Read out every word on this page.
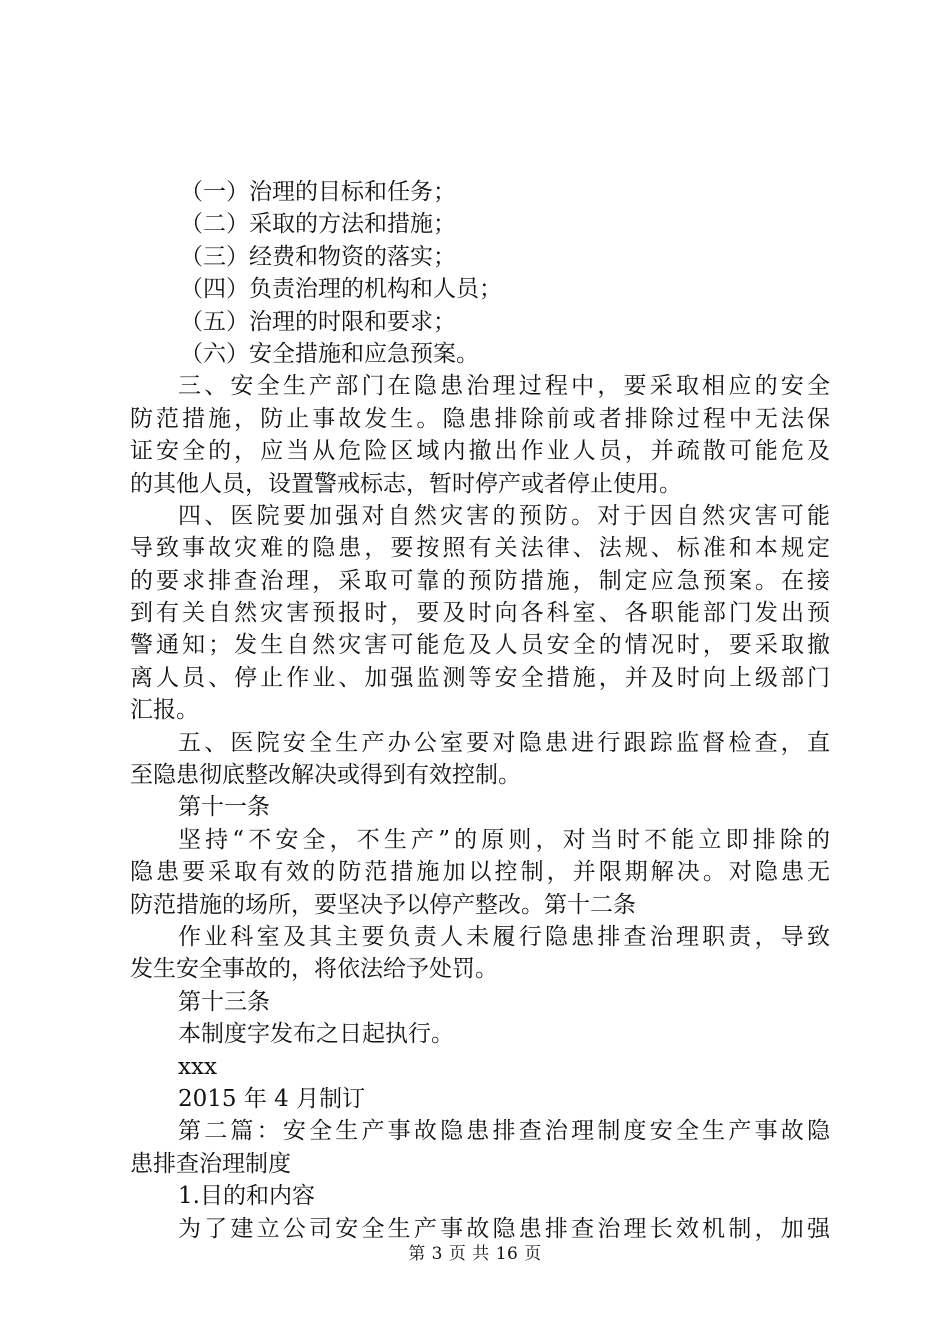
（一）治理的目标和任务；
（二）采取的方法和措施；
（三）经费和物资的落实；
（四）负责治理的机构和人员；
（五）治理的时限和要求；
（六）安全措施和应急预案。
三、安全生产部门在隐患治理过程中，要采取相应的安全
防范措施，防止事故发生。隐患排除前或者排除过程中无法保
证安全的，应当从危险区域内撤出作业人员，并疏散可能危及
的其他人员，设置警戒标志，暂时停产或者停止使用。
四、医院要加强对自然灾害的预防。对于因自然灾害可能
导致事故灾难的隐患，要按照有关法律、法规、标准和本规定
的要求排查治理，采取可靠的预防措施，制定应急预案。在接
到有关自然灾害预报时，要及时向各科室、各职能部门发出预
警通知；发生自然灾害可能危及人员安全的情况时，要采取撤
离人员、停止作业、加强监测等安全措施，并及时向上级部门
汇报。
五、医院安全生产办公室要对隐患进行跟踪监督检查，直
至隐患彻底整改解决或得到有效控制。
第十一条
坚持“不安全，不生产”的原则，对当时不能立即排除的
隐患要采取有效的防范措施加以控制，并限期解决。对隐患无
防范措施的场所，要坚决予以停产整改。第十二条
作业科室及其主要负责人未履行隐患排查治理职责，导致
发生安全事故的，将依法给予处罚。
第十三条
本制度字发布之日起执行。
xxx
2015 年 4 月制订
第二篇：安全生产事故隐患排查治理制度安全生产事故隐
患排查治理制度
1.目的和内容
为了建立公司安全生产事故隐患排查治理长效机制，加强
第 3 页 共 16 页
